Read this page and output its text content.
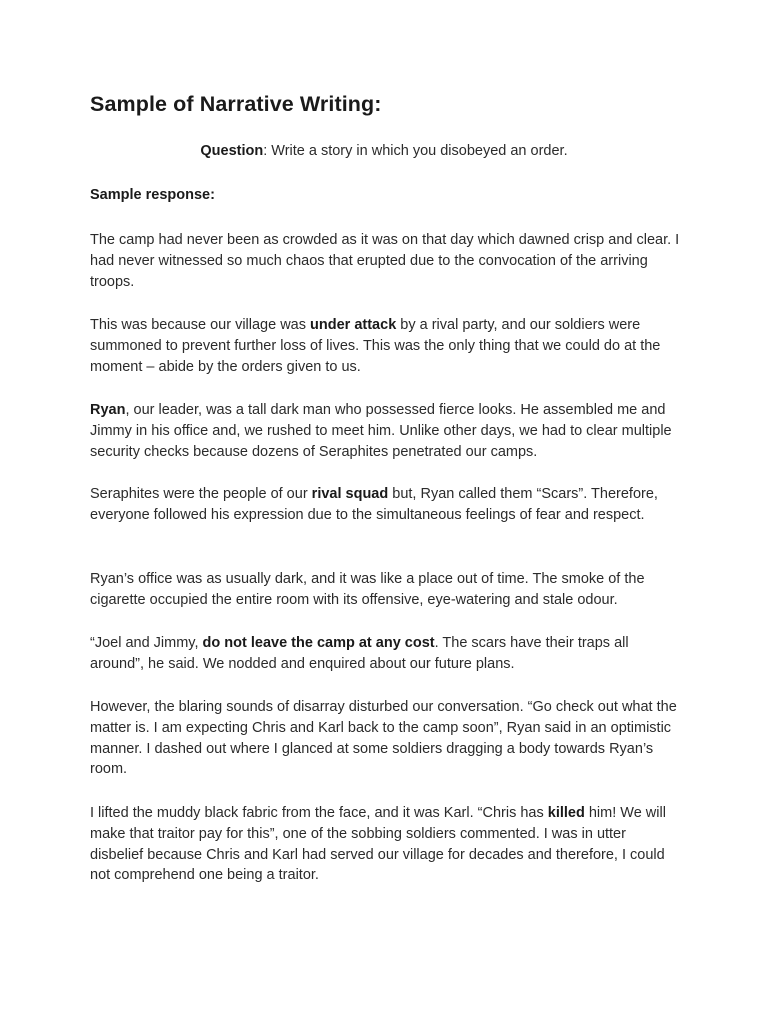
Sample of Narrative Writing:

Question: Write a story in which you disobeyed an order.

Sample response:

The camp had never been as crowded as it was on that day which dawned crisp and clear. I had never witnessed so much chaos that erupted due to the convocation of the arriving troops.

This was because our village was under attack by a rival party, and our soldiers were summoned to prevent further loss of lives. This was the only thing that we could do at the moment – abide by the orders given to us.

Ryan, our leader, was a tall dark man who possessed fierce looks. He assembled me and Jimmy in his office and, we rushed to meet him. Unlike other days, we had to clear multiple security checks because dozens of Seraphites penetrated our camps.

Seraphites were the people of our rival squad but, Ryan called them “Scars”. Therefore, everyone followed his expression due to the simultaneous feelings of fear and respect.

Ryan’s office was as usually dark, and it was like a place out of time. The smoke of the cigarette occupied the entire room with its offensive, eye-watering and stale odour.

“Joel and Jimmy, do not leave the camp at any cost. The scars have their traps all around”, he said. We nodded and enquired about our future plans.

However, the blaring sounds of disarray disturbed our conversation. “Go check out what the matter is. I am expecting Chris and Karl back to the camp soon”, Ryan said in an optimistic manner. I dashed out where I glanced at some soldiers dragging a body towards Ryan’s room.

I lifted the muddy black fabric from the face, and it was Karl. “Chris has killed him! We will make that traitor pay for this”, one of the sobbing soldiers commented. I was in utter disbelief because Chris and Karl had served our village for decades and therefore, I could not comprehend one being a traitor.
